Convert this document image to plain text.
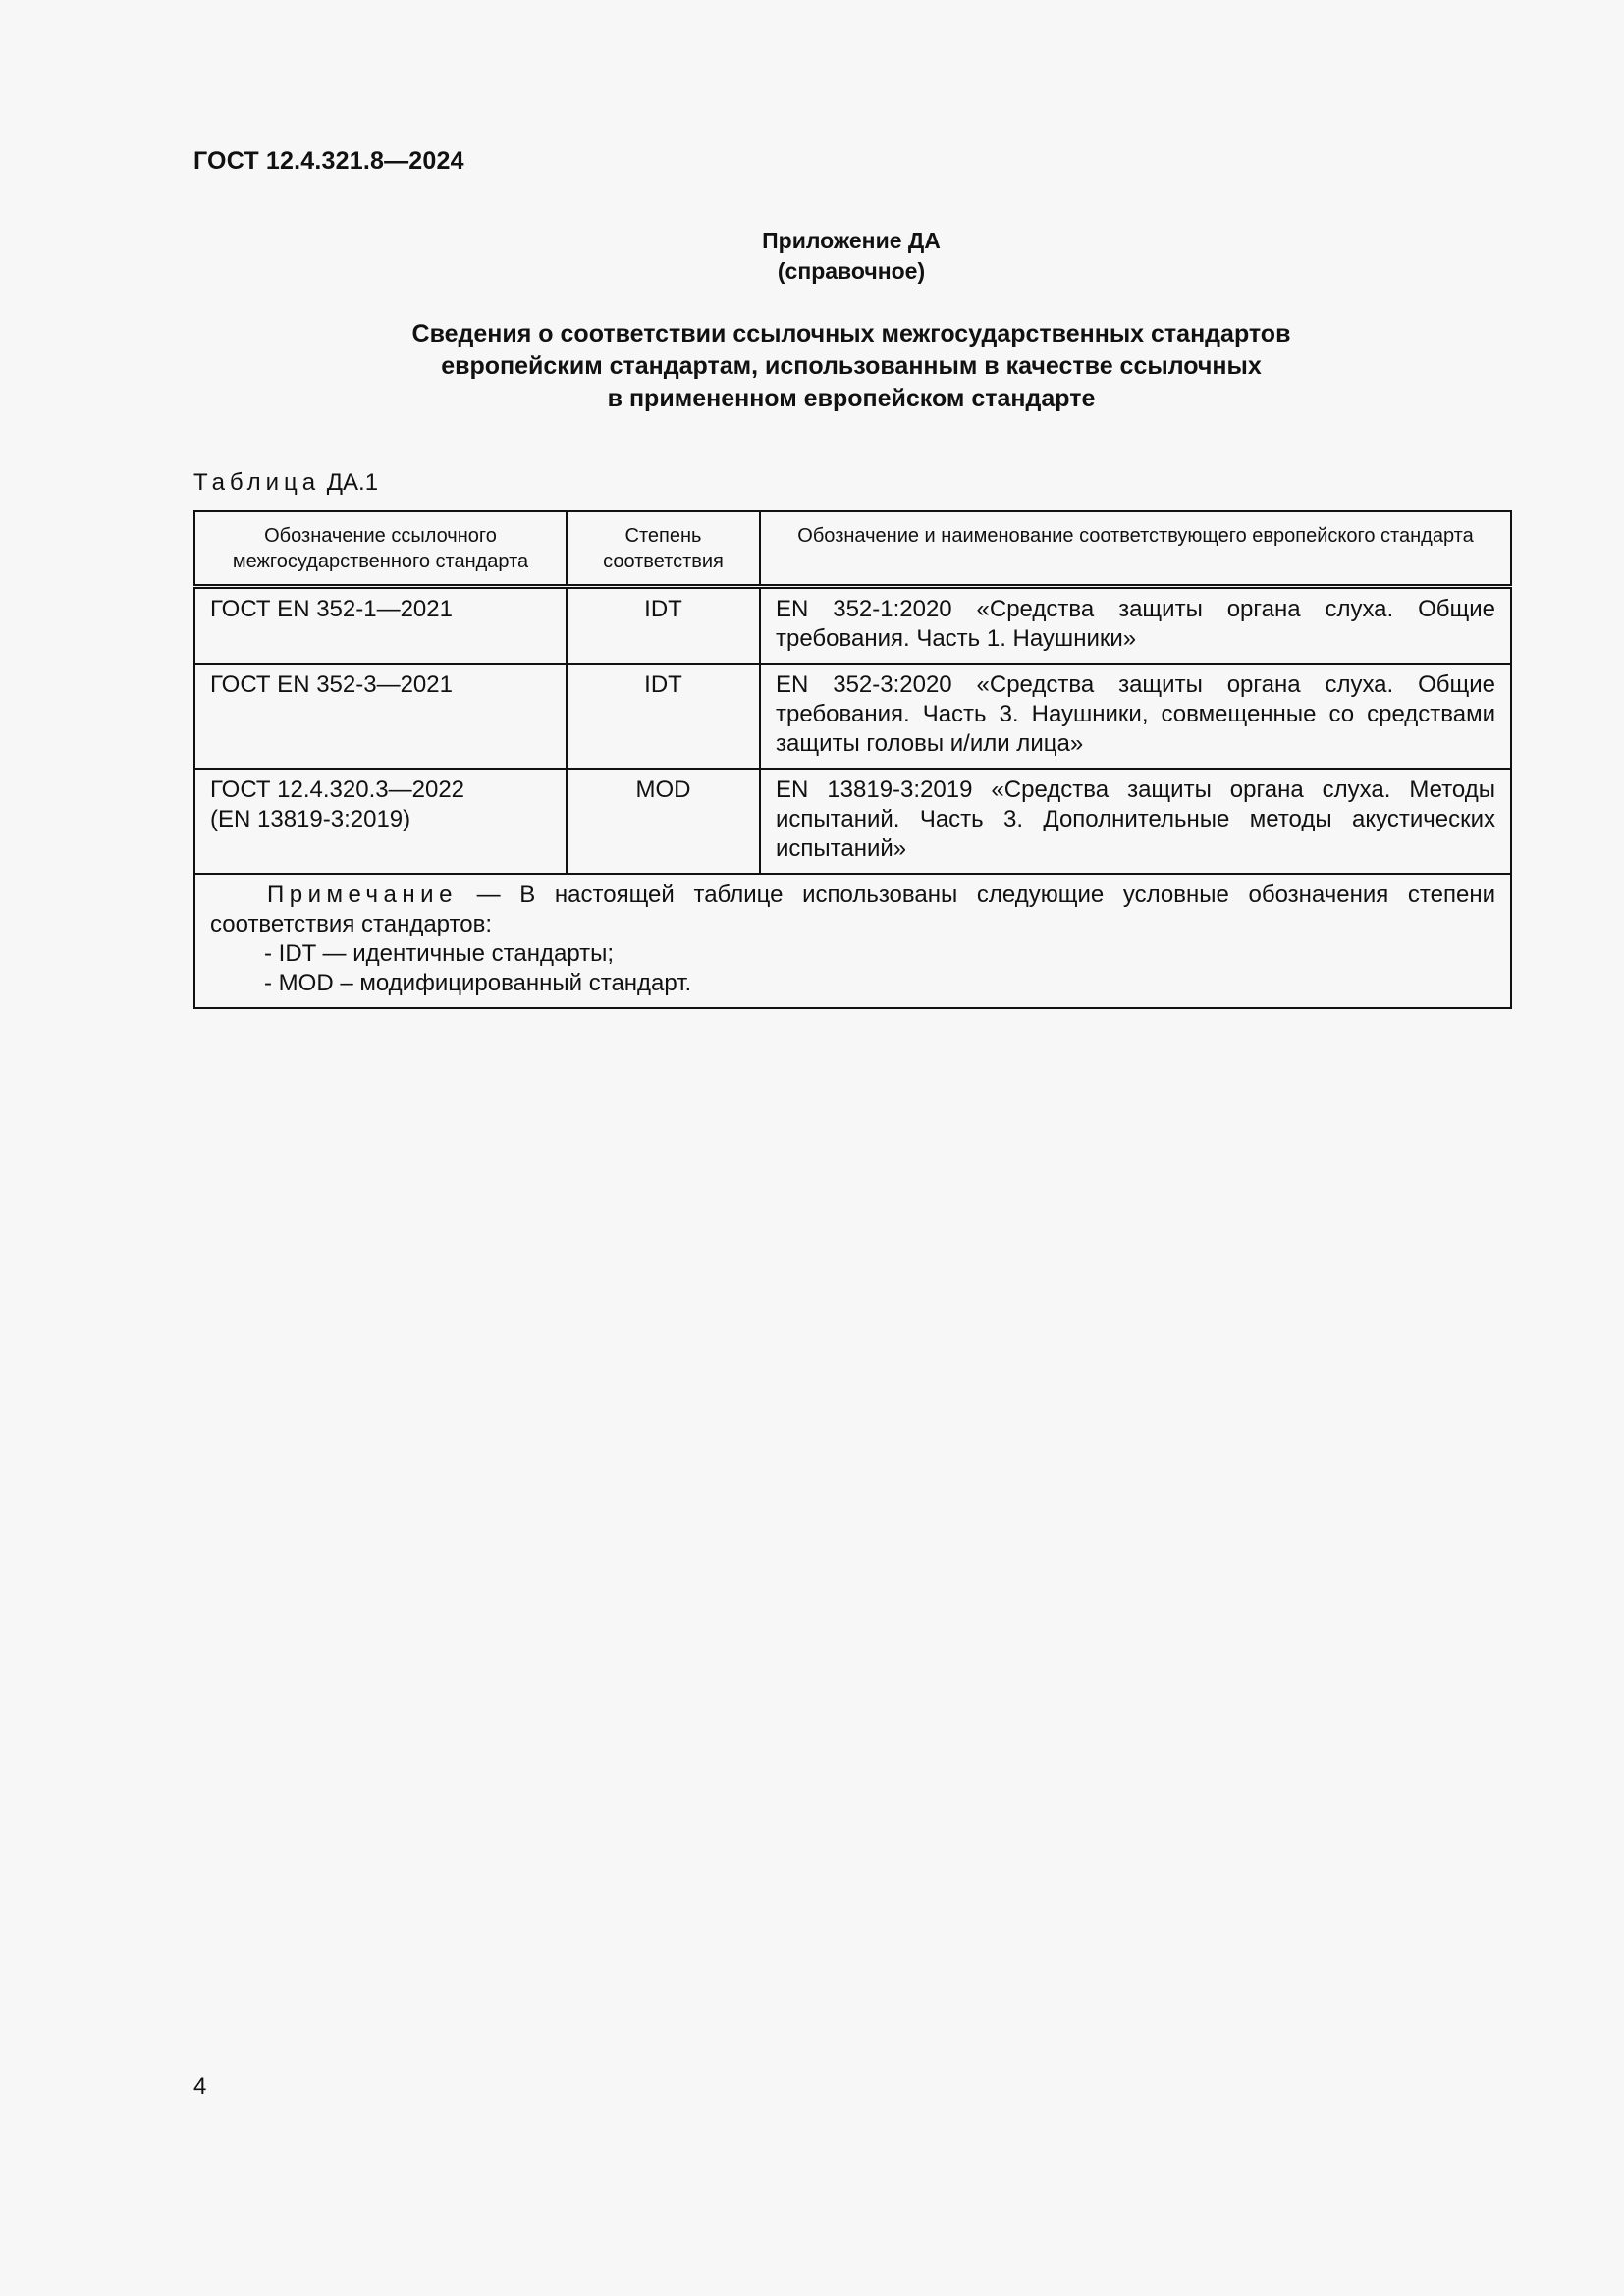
ГОСТ 12.4.321.8—2024
Приложение ДА
(справочное)
Сведения о соответствии ссылочных межгосударственных стандартов
европейским стандартам, использованным в качестве ссылочных
в примененном европейском стандарте
Таблица ДА.1
Обозначение ссылочного межгосударственного стандарта	Степень соответствия	Обозначение и наименование соответствующего европейского стандарта

ГОСТ EN 352-1—2021	IDT	EN 352-1:2020 «Средства защиты органа слуха. Общие требования. Часть 1. Наушники»

ГОСТ EN 352-3—2021	IDT	EN 352-3:2020 «Средства защиты органа слуха. Общие требования. Часть 3. Наушники, совмещенные со средствами защиты головы и/или лица»

ГОСТ 12.4.320.3—2022
(EN 13819-3:2019)	MOD	EN 13819-3:2019 «Средства защиты органа слуха. Методы испытаний. Часть 3. Дополнительные методы акустических испытаний»

Примечание — В настоящей таблице использованы следующие условные обозначения степени соответствия стандартов:
- IDT — идентичные стандарты;
- MOD – модифицированный стандарт.		
4
